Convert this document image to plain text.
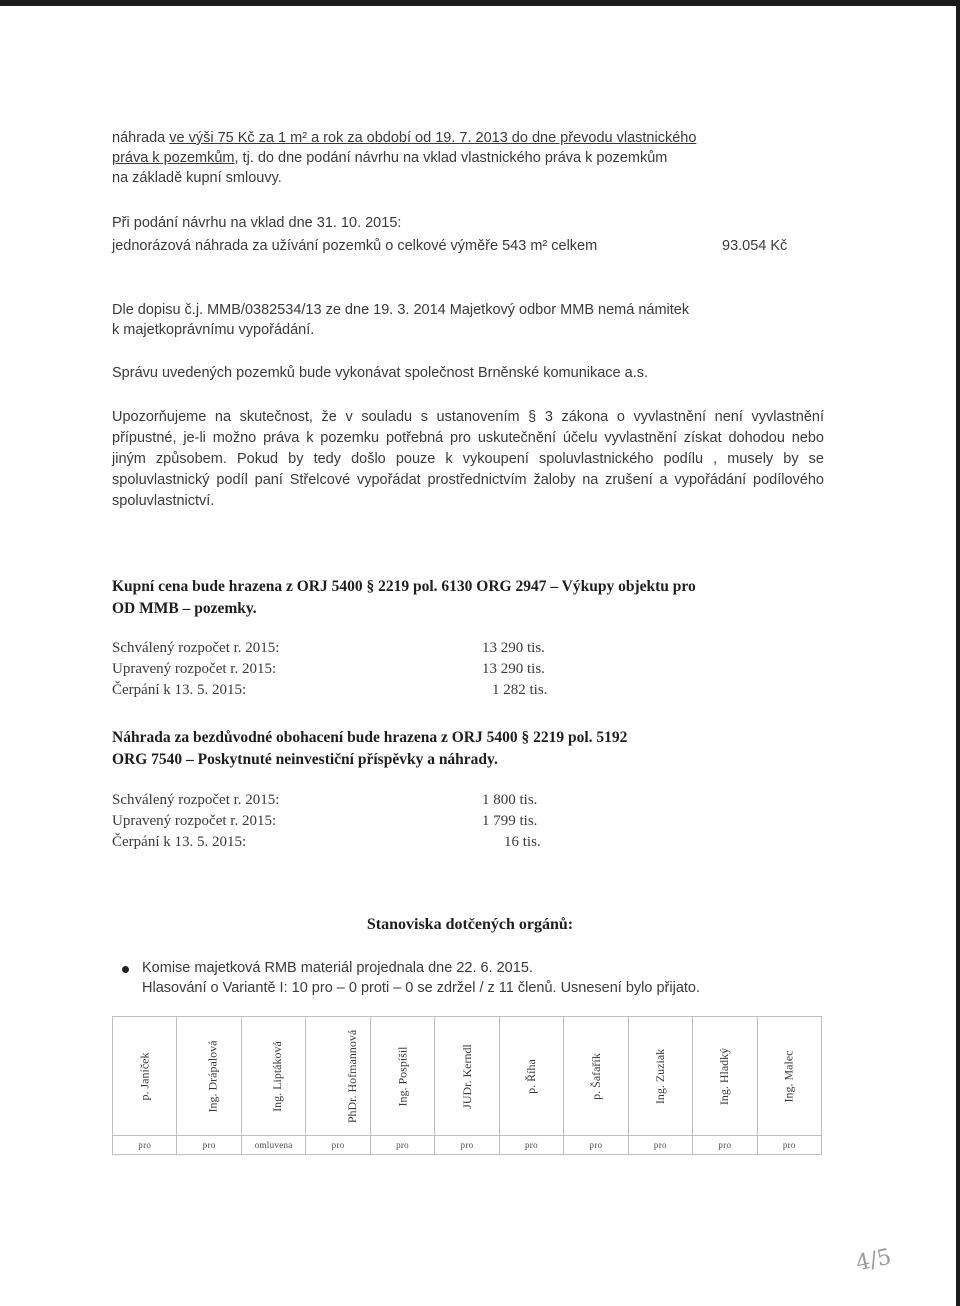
náhrada ve výši 75 Kč za 1 m² a rok za období od 19. 7. 2013 do dne převodu vlastnického
práva k pozemkům, tj. do dne podání návrhu na vklad vlastnického práva k pozemkům
na základě kupní smlouvy.
Při podání návrhu na vklad dne 31. 10. 2015:
jednorázová náhrada za užívání pozemků o celkové výměře 543 m² celkem	93.054 Kč
Dle dopisu č.j. MMB/0382534/13 ze dne 19. 3. 2014 Majetkový odbor MMB nemá námitek
k majetkoprávnímu vypořádání.
Správu uvedených pozemků bude vykonávat společnost Brněnské komunikace a.s.
Upozorňujeme na skutečnost, že v souladu s ustanovením § 3 zákona o vyvlastnění není vyvlastnění přípustné, je-li možno práva k pozemku potřebná pro uskutečnění účelu vyvlastnění získat dohodou nebo jiným způsobem. Pokud by tedy došlo pouze k vykoupení spoluvlastnického podílu , musely by se spoluvlastnický podíl paní Střelcové vypořádat prostřednictvím žaloby na zrušení a vypořádání podílového spoluvlastnictví.
Kupní cena bude hrazena z ORJ 5400 § 2219 pol. 6130 ORG 2947 – Výkupy objektu pro
OD MMB – pozemky.
Schválený rozpočet r. 2015:	13 290 tis.
Upravený rozpočet r. 2015:	13 290 tis.
Čerpání k 13. 5. 2015:	1 282 tis.
Náhrada za bezdůvodné obohacení bude hrazena z ORJ 5400 § 2219 pol. 5192
ORG 7540 – Poskytnuté neinvestiční příspěvky a náhrady.
Schválený rozpočet r. 2015:	1 800 tis.
Upravený rozpočet r. 2015:	1 799 tis.
Čerpání k 13. 5. 2015:	16 tis.
Stanoviska dotčených orgánů:
Komise majetková RMB materiál projednala dne 22. 6. 2015.
Hlasování o Variantě I: 10 pro – 0 proti – 0 se zdržel / z 11 členů. Usnesení bylo přijato.
p. Janíček	Ing. Drápalová	Ing. Liptáková	PhDr. Hofmannová	Ing. Pospíšil	JUDr. Kerndl	p. Říha	p. Šafařík	Ing. Zuziak	Ing. Hladký	Ing. Malec
pro	pro	omluvena	pro	pro	pro	pro	pro	pro	pro	pro
4/5
